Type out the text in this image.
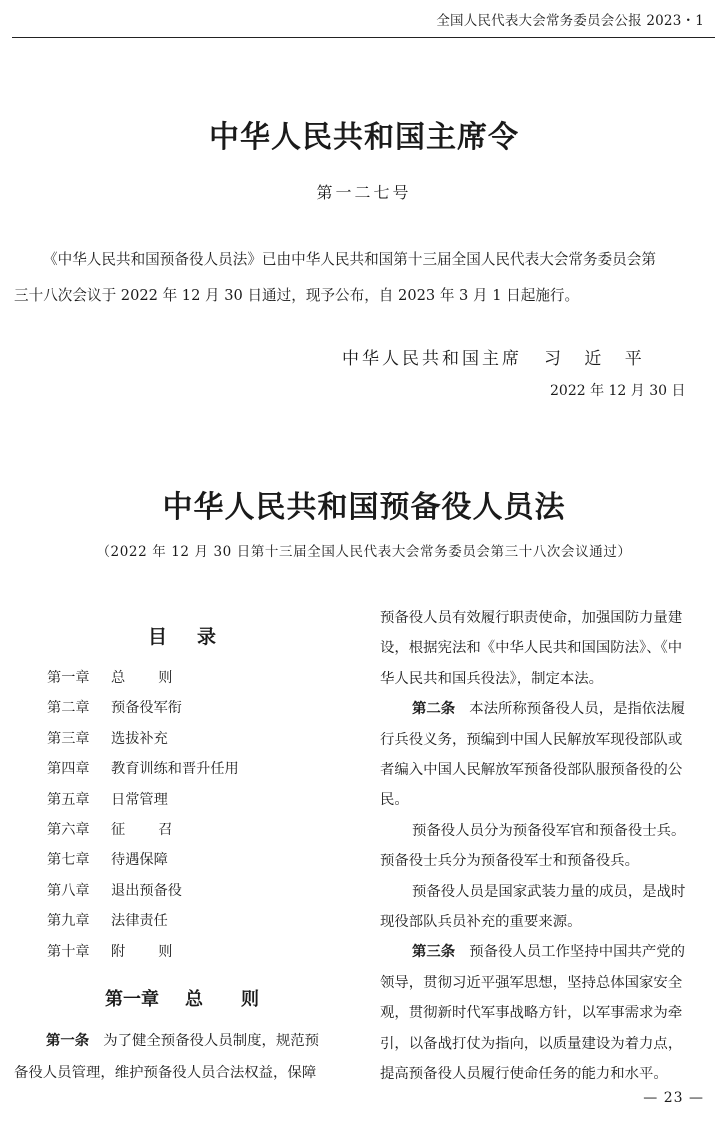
全国人民代表大会常务委员会公报 2023・1
中华人民共和国主席令
第一二七号
《中华人民共和国预备役人员法》已由中华人民共和国第十三届全国人民代表大会常务委员会第
三十八次会议于 2022 年 12 月 30 日通过，现予公布，自 2023 年 3 月 1 日起施行。
中华人民共和国主席 习 近 平
2022 年 12 月 30 日
中华人民共和国预备役人员法
（2022 年 12 月 30 日第十三届全国人民代表大会常务委员会第三十八次会议通过）
目录
第一章	总则
第二章	预备役军衔
第三章	选拔补充
第四章	教育训练和晋升任用
第五章	日常管理
第六章	征召
第七章	待遇保障
第八章	退出预备役
第九章	法律责任
第十章	附则
第一章 总 则
第一条 为了健全预备役人员制度，规范预
备役人员管理，维护预备役人员合法权益，保障
预备役人员有效履行职责使命，加强国防力量建
设，根据宪法和《中华人民共和国国防法》、《中
华人民共和国兵役法》，制定本法。
第二条 本法所称预备役人员，是指依法履
行兵役义务，预编到中国人民解放军现役部队或
者编入中国人民解放军预备役部队服预备役的公
民。
预备役人员分为预备役军官和预备役士兵。
预备役士兵分为预备役军士和预备役兵。
预备役人员是国家武装力量的成员，是战时
现役部队兵员补充的重要来源。
第三条 预备役人员工作坚持中国共产党的
领导，贯彻习近平强军思想，坚持总体国家安全
观，贯彻新时代军事战略方针，以军事需求为牵
引，以备战打仗为指向，以质量建设为着力点，
提高预备役人员履行使命任务的能力和水平。
— 23 —
